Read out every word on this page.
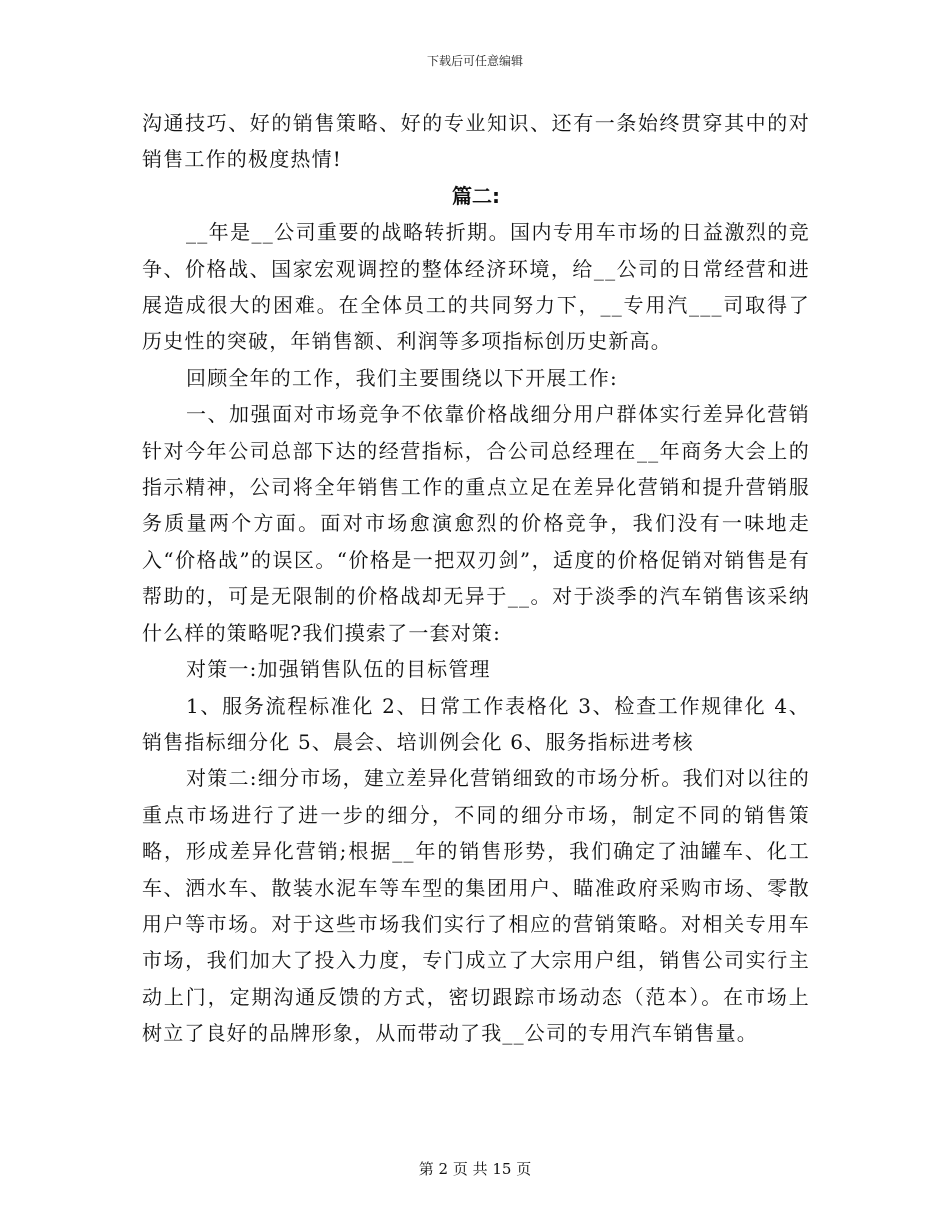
下载后可任意编辑

沟通技巧、好的销售策略、好的专业知识、还有一条始终贯穿其中的对销售工作的极度热情!

篇二:

__年是__公司重要的战略转折期。国内专用车市场的日益激烈的竞争、价格战、国家宏观调控的整体经济环境，给__公司的日常经营和进展造成很大的困难。在全体员工的共同努力下，__专用汽___司取得了历史性的突破，年销售额、利润等多项指标创历史新高。

回顾全年的工作，我们主要围绕以下开展工作:

一、加强面对市场竞争不依靠价格战细分用户群体实行差异化营销针对今年公司总部下达的经营指标，合公司总经理在__年商务大会上的指示精神，公司将全年销售工作的重点立足在差异化营销和提升营销服务质量两个方面。面对市场愈演愈烈的价格竞争，我们没有一味地走入“价格战”的误区。“价格是一把双刃剑”，适度的价格促销对销售是有帮助的，可是无限制的价格战却无异于__。对于淡季的汽车销售该采纳什么样的策略呢?我们摸索了一套对策:

对策一:加强销售队伍的目标管理

1、服务流程标准化 2、日常工作表格化 3、检查工作规律化 4、销售指标细分化 5、晨会、培训例会化 6、服务指标进考核

对策二:细分市场，建立差异化营销细致的市场分析。我们对以往的重点市场进行了进一步的细分，不同的细分市场，制定不同的销售策略，形成差异化营销;根据__年的销售形势，我们确定了油罐车、化工车、洒水车、散装水泥车等车型的集团用户、瞄准政府采购市场、零散用户等市场。对于这些市场我们实行了相应的营销策略。对相关专用车市场，我们加大了投入力度，专门成立了大宗用户组，销售公司实行主动上门，定期沟通反馈的方式，密切跟踪市场动态（范本）。在市场上树立了良好的品牌形象，从而带动了我__公司的专用汽车销售量。

第 2 页 共 15 页
